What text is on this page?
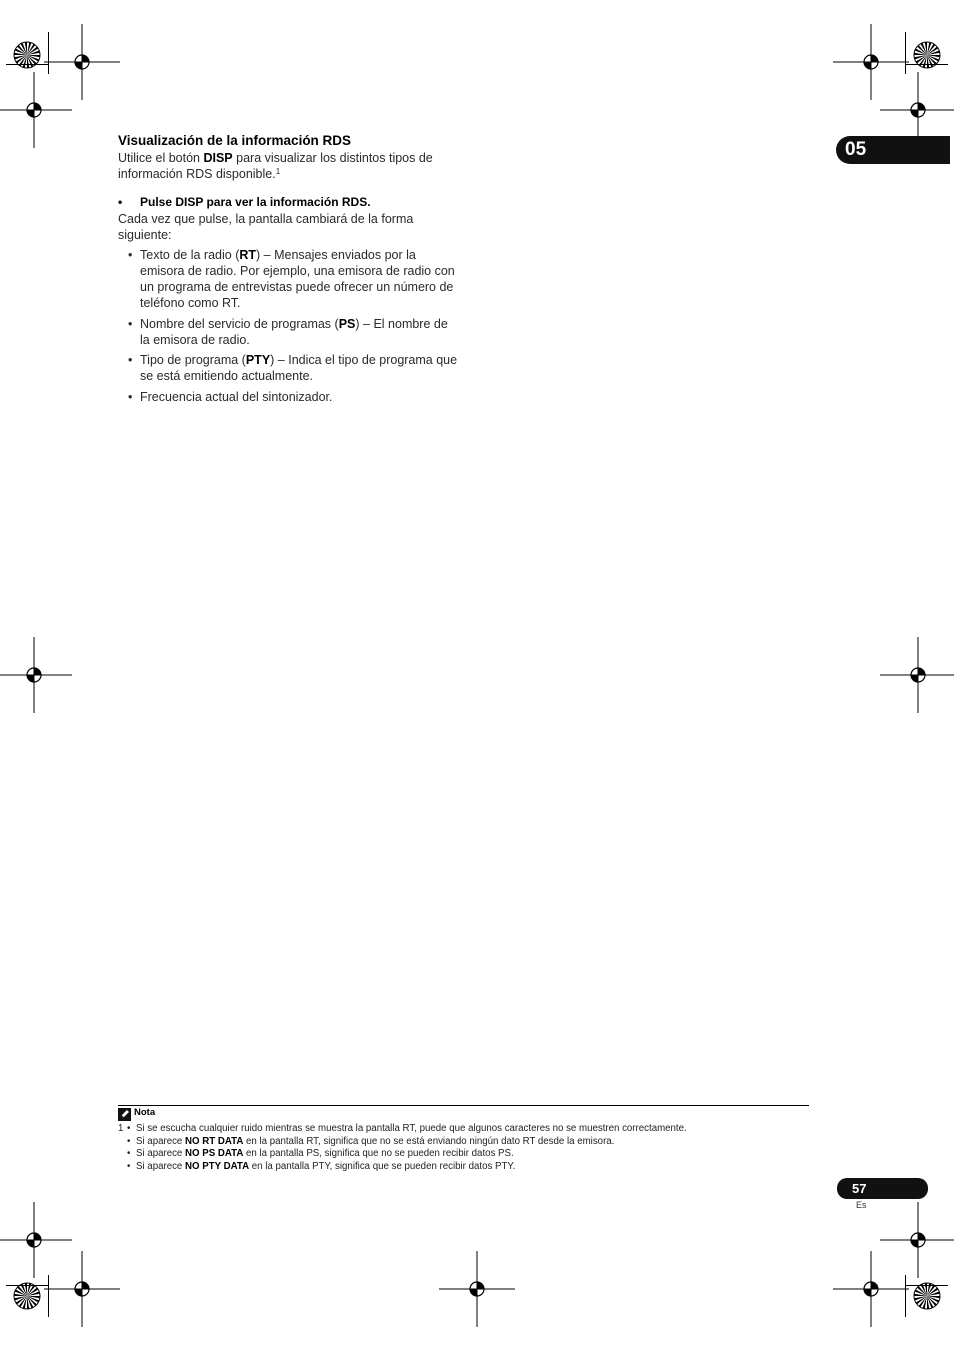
05
Visualización de la información RDS
Utilice el botón DISP para visualizar los distintos tipos de información RDS disponible.$^1$
• Pulse DISP para ver la información RDS.
Cada vez que pulse, la pantalla cambiará de la forma siguiente:
• Texto de la radio (RT) – Mensajes enviados por la emisora de radio. Por ejemplo, una emisora de radio con un programa de entrevistas puede ofrecer un número de teléfono como RT.
• Nombre del servicio de programas (PS) – El nombre de la emisora de radio.
• Tipo de programa (PTY) – Indica el tipo de programa que se está emitiendo actualmente.
• Frecuencia actual del sintonizador.
Nota
1 • Si se escucha cualquier ruido mientras se muestra la pantalla RT, puede que algunos caracteres no se muestren correctamente.
• Si aparece NO RT DATA en la pantalla RT, significa que no se está enviando ningún dato RT desde la emisora.
• Si aparece NO PS DATA en la pantalla PS, significa que no se pueden recibir datos PS.
• Si aparece NO PTY DATA en la pantalla PTY, significa que se pueden recibir datos PTY.
57
Es
